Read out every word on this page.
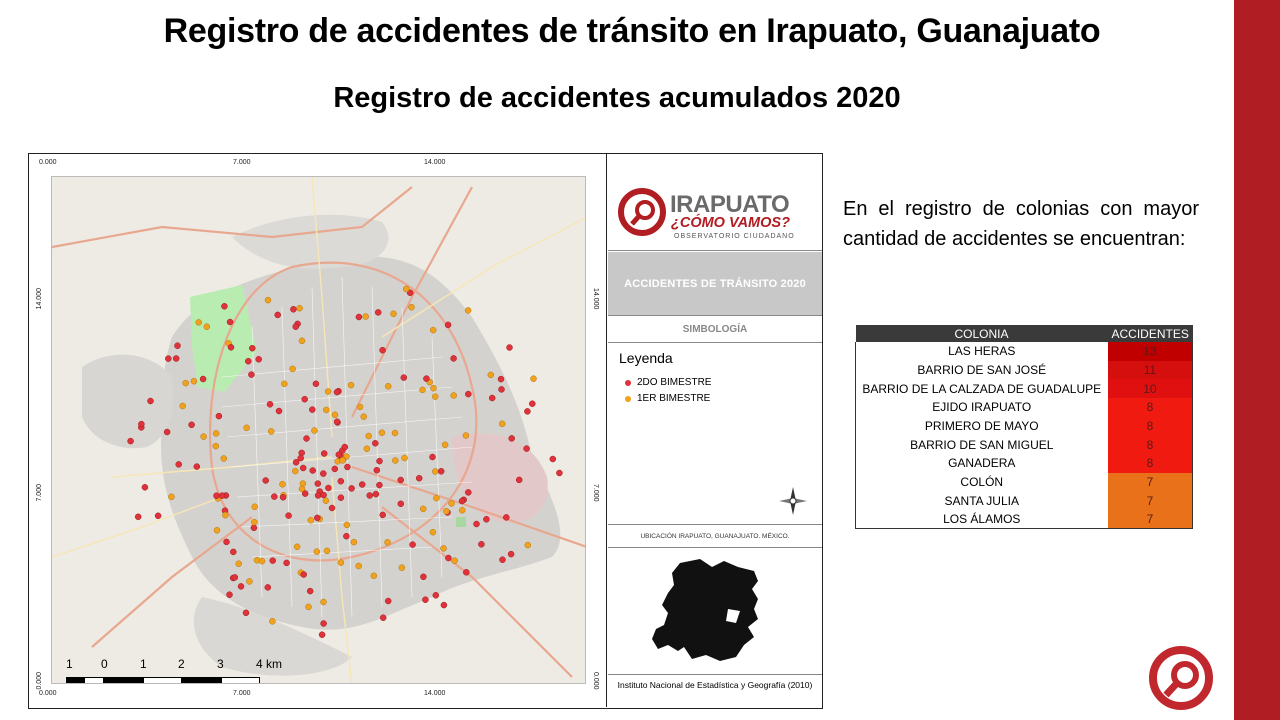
Registro de accidentes de tránsito en Irapuato, Guanajuato
Registro de accidentes acumulados 2020
0.000	7.000	14.000
0.000	7.000	14.000
14.000
7.000
0.000
14.000
7.000
0.000
1 0	1	2	3	4 km
IRAPUATO
¿CÓMO VAMOS?
OBSERVATORIO CIUDADANO
ACCIDENTES DE TRÁNSITO 2020
SIMBOLOGÍA
Leyenda
2DO BIMESTRE
1ER BIMESTRE
UBICACIÓN IRAPUATO, GUANAJUATO. MÉXICO.
Instituto Nacional de Estadística y Geografía (2010)

En el registro de colonias con mayor cantidad de accidentes se encuentran:

COLONIA	ACCIDENTES
LAS HERAS	13
BARRIO DE SAN JOSÉ	11
BARRIO DE LA CALZADA DE GUADALUPE	10
EJIDO IRAPUATO	8
PRIMERO DE MAYO	8
BARRIO DE SAN MIGUEL	8
GANADERA	8
COLÓN	7
SANTA JULIA	7
LOS ÁLAMOS	7
